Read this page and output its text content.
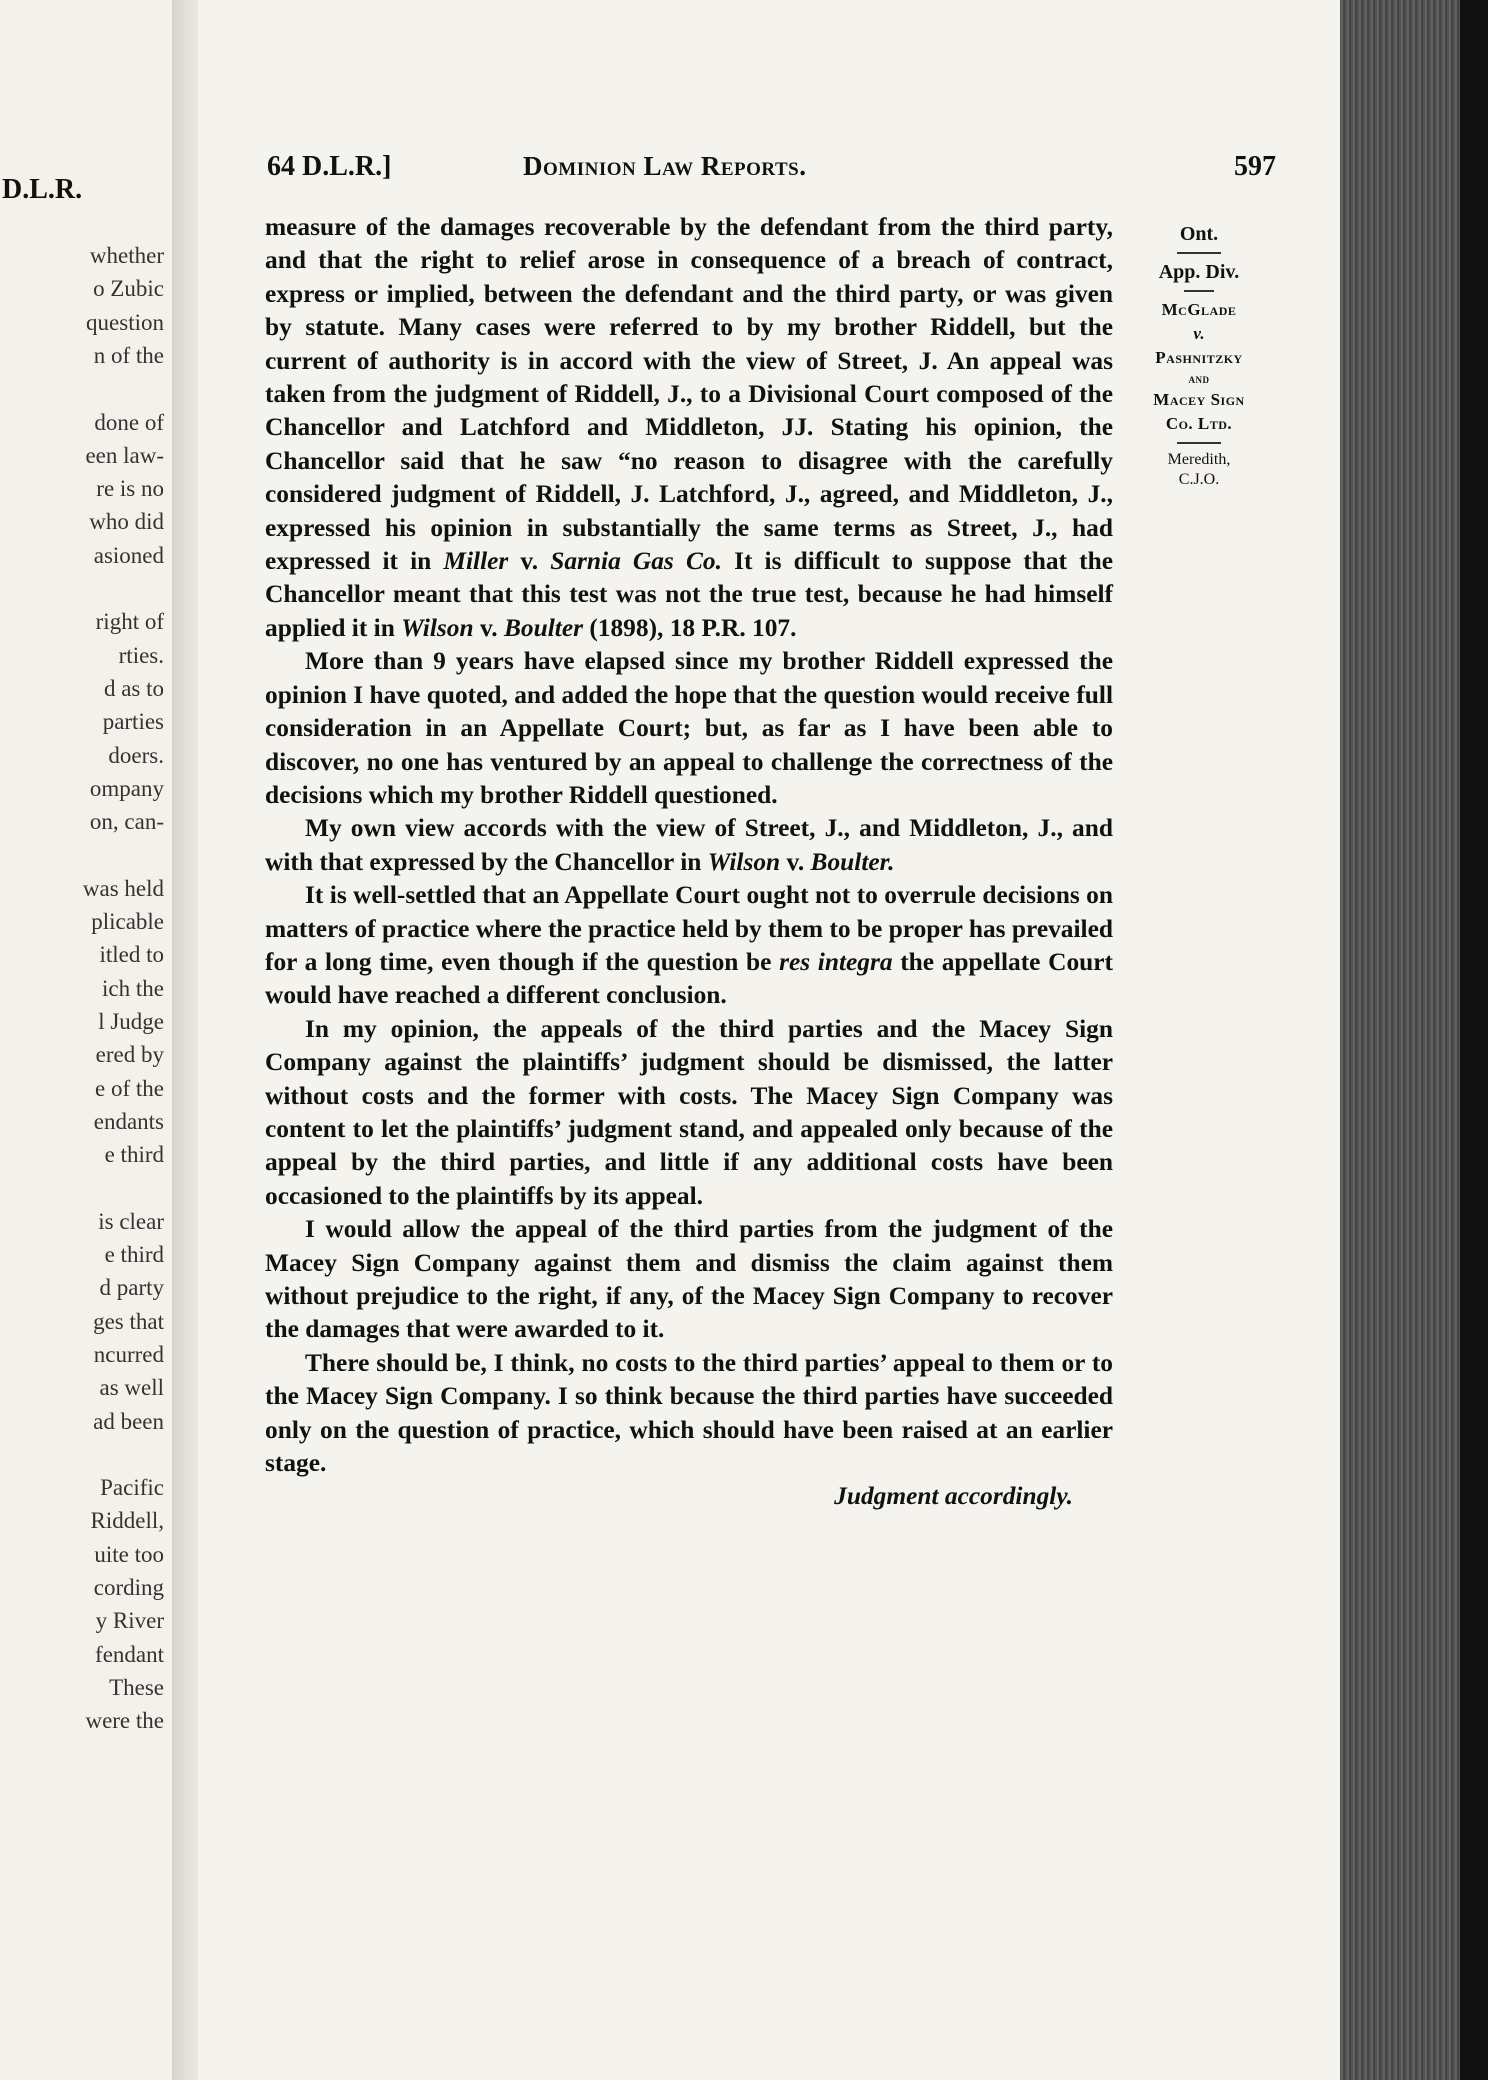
D.L.R.
whether
o Zubic
question
n of the
done of
een law-
re is no
who did
asioned
right of
rties.
d as to
parties
doers.
ompany
on, can-
was held
plicable
itled to
ich the
l Judge
ered by
e of the
endants
e third
is clear
e third
d party
ges that
ncurred
as well
ad been
Pacific
Riddell,
uite too
cording
y River
fendant
These
were the
64 D.L.R.]	Dominion Law Reports.	597
Ont.
App. Div.
McGlade
v.
Pashnitzky
and
Macey Sign
Co. Ltd.
Meredith,
C.J.O.

measure of the damages recoverable by the defendant from the third party, and that the right to relief arose in consequence of a breach of contract, express or implied, between the defendant and the third party, or was given by statute. Many cases were referred to by my brother Riddell, but the current of authority is in accord with the view of Street, J. An appeal was taken from the judgment of Riddell, J., to a Divisional Court composed of the Chancellor and Latchford and Middleton, JJ. Stating his opinion, the Chancellor said that he saw “no reason to disagree with the carefully considered judgment of Riddell, J. Latchford, J., agreed, and Middleton, J., expressed his opinion in substantially the same terms as Street, J., had expressed it in Miller v. Sarnia Gas Co. It is difficult to suppose that the Chancellor meant that this test was not the true test, because he had himself applied it in Wilson v. Boulter (1898), 18 P.R. 107.

More than 9 years have elapsed since my brother Riddell expressed the opinion I have quoted, and added the hope that the question would receive full consideration in an Appellate Court; but, as far as I have been able to discover, no one has ventured by an appeal to challenge the correctness of the decisions which my brother Riddell questioned.

My own view accords with the view of Street, J., and Middleton, J., and with that expressed by the Chancellor in Wilson v. Boulter.

It is well-settled that an Appellate Court ought not to overrule decisions on matters of practice where the practice held by them to be proper has prevailed for a long time, even though if the question be res integra the appellate Court would have reached a different conclusion.

In my opinion, the appeals of the third parties and the Macey Sign Company against the plaintiffs’ judgment should be dismissed, the latter without costs and the former with costs. The Macey Sign Company was content to let the plaintiffs’ judgment stand, and appealed only because of the appeal by the third parties, and little if any additional costs have been occasioned to the plaintiffs by its appeal.

I would allow the appeal of the third parties from the judgment of the Macey Sign Company against them and dismiss the claim against them without prejudice to the right, if any, of the Macey Sign Company to recover the damages that were awarded to it.

There should be, I think, no costs to the third parties’ appeal to them or to the Macey Sign Company. I so think because the third parties have succeeded only on the question of practice, which should have been raised at an earlier stage.

Judgment accordingly.
